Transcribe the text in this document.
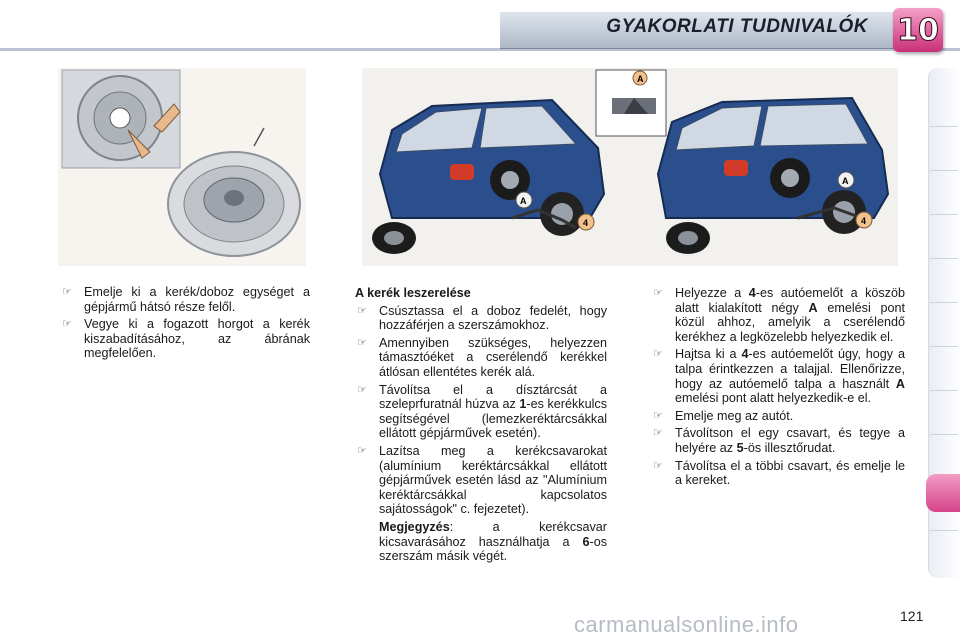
GYAKORLATI TUDNIVALÓK 10
A
4
A
A
4
☞ Emelje ki a kerék/doboz egységet a gépjármű hátsó része felől.
☞ Vegye ki a fogazott horgot a kerék kiszabadításához, az ábrának megfelelően.
A kerék leszerelése
☞ Csúsztassa el a doboz fedelét, hogy hozzáférjen a szerszámokhoz.
☞ Amennyiben szükséges, helyezzen támasztóéket a cserélendő kerékkel átlósan ellentétes kerék alá.
☞ Távolítsa el a dísztárcsát a szeleprfuratnál húzva az 1-es kerékkulcs segítségével (lemezkeréktárcsákkal ellátott gépjárművek esetén).
☞ Lazítsa meg a kerékcsavarokat (alumínium keréktárcsákkal ellátott gépjárművek esetén lásd az "Alumínium keréktárcsákkal kapcsolatos sajátosságok" c. fejezetet).
Megjegyzés: a kerékcsavar kicsavarásához használhatja a 6-os szerszám másik végét.
☞ Helyezze a 4-es autóemelőt a köszöb alatt kialakított négy A emelési pont közül ahhoz, amelyik a cserélendő kerékhez a legközelebb helyezkedik el.
☞ Hajtsa ki a 4-es autóemelőt úgy, hogy a talpa érintkezzen a talajjal. Ellenőrizze, hogy az autóemelő talpa a használt A emelési pont alatt helyezkedik-e el.
☞ Emelje meg az autót.
☞ Távolítson el egy csavart, és tegye a helyére az 5-ös illesztőrudat.
☞ Távolítsa el a többi csavart, és emelje le a kereket.
carmanualsonline.info	121
